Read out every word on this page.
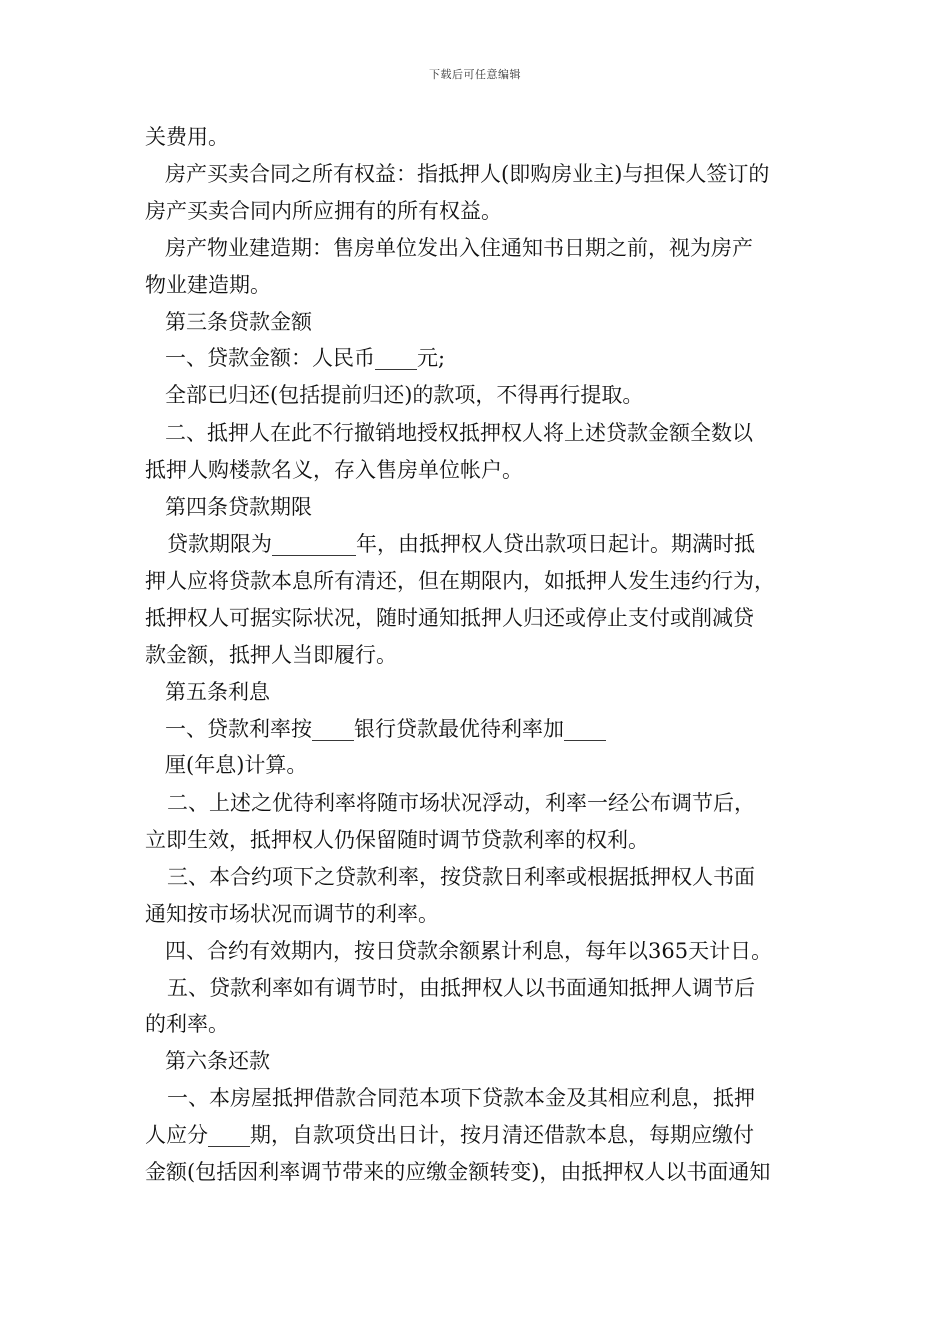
下载后可任意编辑
关费用。
房产买卖合同之所有权益：指抵押人(即购房业主)与担保人签订的
房产买卖合同内所应拥有的所有权益。
房产物业建造期：售房单位发出入住通知书日期之前，视为房产
物业建造期。
第三条贷款金额
一、贷款金额：人民币____元;
全部已归还(包括提前归还)的款项，不得再行提取。
二、抵押人在此不行撤销地授权抵押权人将上述贷款金额全数以
抵押人购楼款名义，存入售房单位帐户。
第四条贷款期限
贷款期限为________年，由抵押权人贷出款项日起计。期满时抵
押人应将贷款本息所有清还，但在期限内，如抵押人发生违约行为，
抵押权人可据实际状况，随时通知抵押人归还或停止支付或削减贷
款金额，抵押人当即履行。
第五条利息
一、贷款利率按____银行贷款最优待利率加____
厘(年息)计算。
二、上述之优待利率将随市场状况浮动，利率一经公布调节后，
立即生效，抵押权人仍保留随时调节贷款利率的权利。
三、本合约项下之贷款利率，按贷款日利率或根据抵押权人书面
通知按市场状况而调节的利率。
四、合约有效期内，按日贷款余额累计利息，每年以365天计日。
五、贷款利率如有调节时，由抵押权人以书面通知抵押人调节后
的利率。
第六条还款
一、本房屋抵押借款合同范本项下贷款本金及其相应利息，抵押
人应分____期，自款项贷出日计，按月清还借款本息，每期应缴付
金额(包括因利率调节带来的应缴金额转变)，由抵押权人以书面通知
